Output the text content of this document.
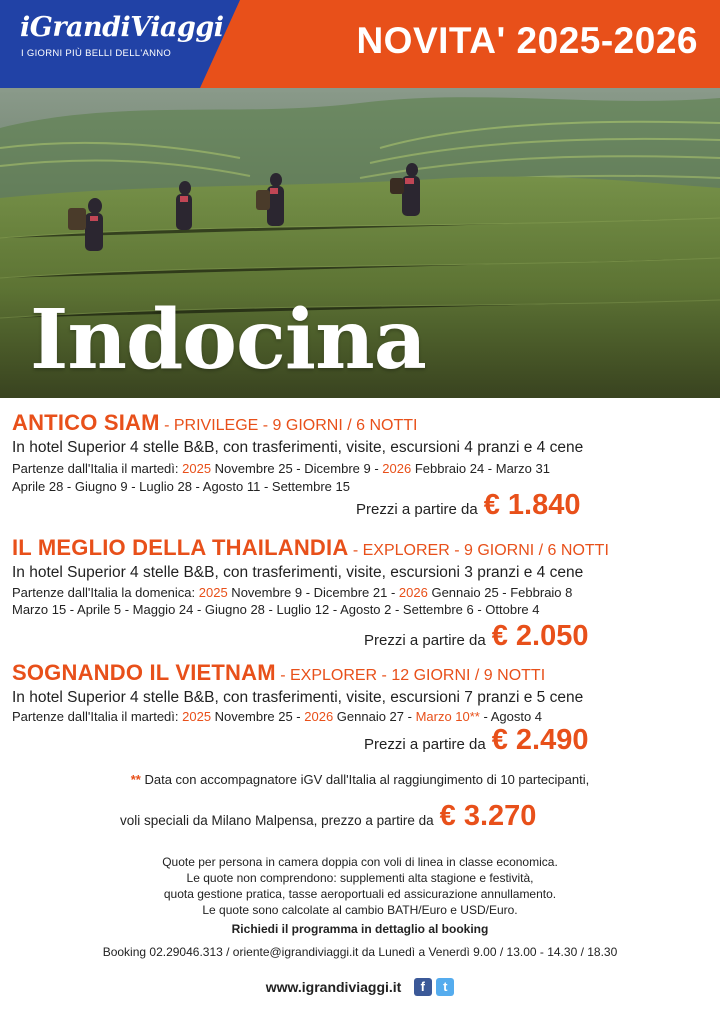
iGrandiViaggi
I GIORNI PIÙ BELLI DELL'ANNO	NOVITA' 2025-2026
Indocina
ANTICO SIAM - PRIVILEGE - 9 GIORNI / 6 NOTTI
In hotel Superior 4 stelle B&B, con trasferimenti, visite, escursioni 4 pranzi e 4 cene
Partenze dall'Italia il martedì: 2025 Novembre 25 - Dicembre 9 - 2026 Febbraio 24 - Marzo 31
Aprile 28 - Giugno 9 - Luglio 28 - Agosto 11 - Settembre 15
Prezzi a partire da € 1.840
IL MEGLIO DELLA THAILANDIA - EXPLORER - 9 GIORNI / 6 NOTTI
In hotel Superior 4 stelle B&B, con trasferimenti, visite, escursioni 3 pranzi e 4 cene
Partenze dall'Italia la domenica: 2025 Novembre 9 - Dicembre 21 - 2026 Gennaio 25 - Febbraio 8
Marzo 15 - Aprile 5 - Maggio 24 - Giugno 28 - Luglio 12 - Agosto 2 - Settembre 6 - Ottobre 4
Prezzi a partire da € 2.050
SOGNANDO IL VIETNAM - EXPLORER - 12 GIORNI / 9 NOTTI
In hotel Superior 4 stelle B&B, con trasferimenti, visite, escursioni 7 pranzi e 5 cene
Partenze dall'Italia il martedì: 2025 Novembre 25 - 2026 Gennaio 27 - Marzo 10** - Agosto 4
Prezzi a partire da € 2.490
** Data con accompagnatore iGV dall'Italia al raggiungimento di 10 partecipanti,
voli speciali da Milano Malpensa, prezzo a partire da € 3.270
Quote per persona in camera doppia con voli di linea in classe economica.
Le quote non comprendono: supplementi alta stagione e festività,
quota gestione pratica, tasse aeroportuali ed assicurazione annullamento.
Le quote sono calcolate al cambio BATH/Euro e USD/Euro.
Richiedi il programma in dettaglio al booking
Booking 02.29046.313 / oriente@igrandiviaggi.it da Lunedì a Venerdì 9.00 / 13.00 - 14.30 / 18.30
www.igrandiviaggi.it f t
